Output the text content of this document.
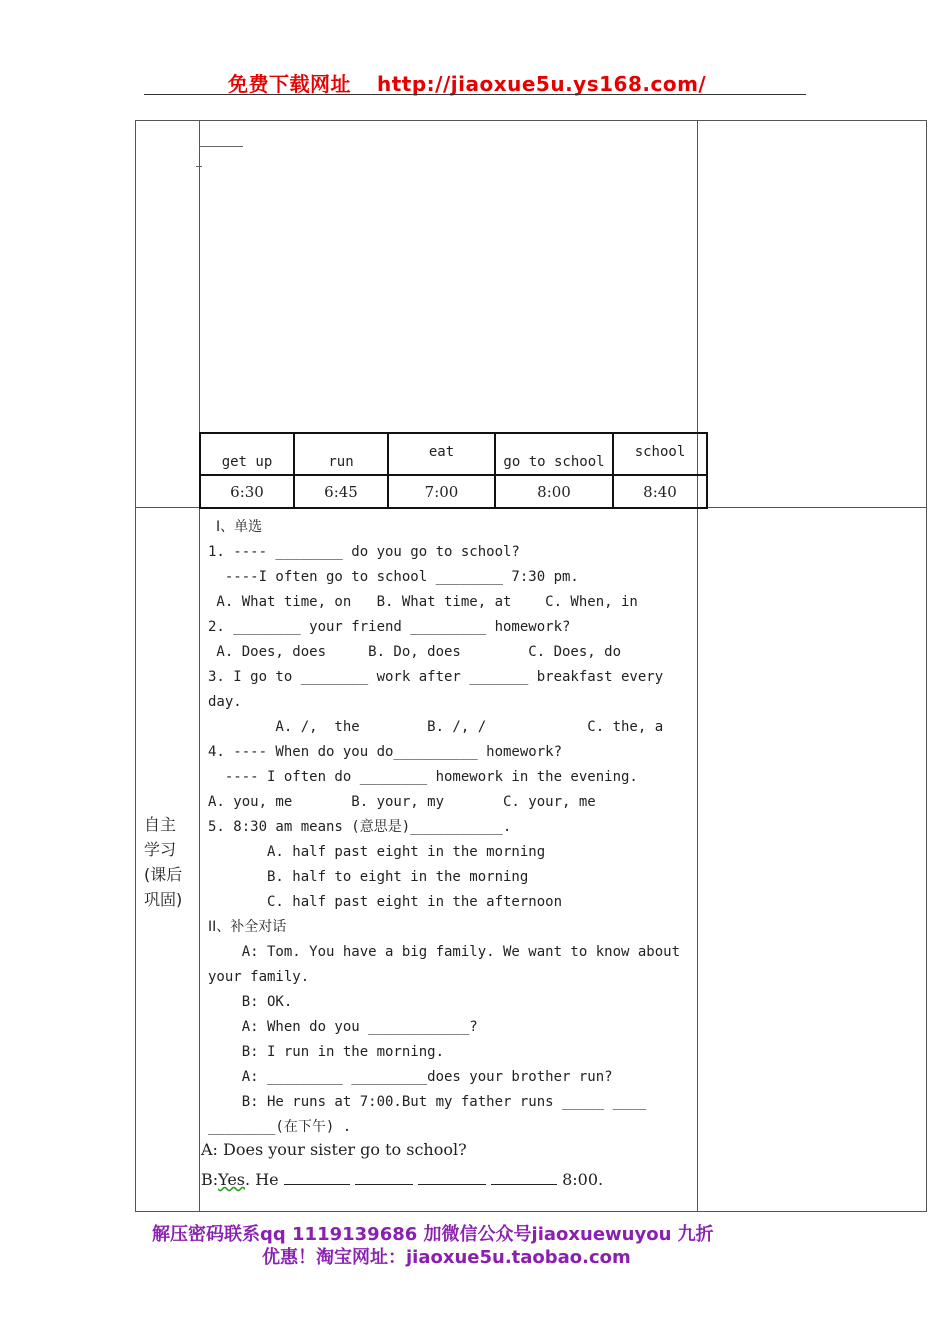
免费下载网址 http://jiaoxue5u.ys168.com/
get up	run	eat	go to school	school
6:30	6:45	7:00	8:00	8:40
自主
学习
(课后
巩固)
I、单选
1. ---- ________ do you go to school?
----I often go to school ________ 7:30 pm.
A. What time, on   B. What time, at    C. When, in
2. ________ your friend _________ homework?
A. Does, does     B. Do, does        C. Does, do
3. I go to ________ work after _______ breakfast every
day.
A. /,  the        B. /, /            C. the, a
4. ---- When do you do__________ homework?
---- I often do ________ homework in the evening.
A. you, me       B. your, my       C. your, me
5. 8:30 am means (意思是)___________.
A. half past eight in the morning
B. half to eight in the morning
C. half past eight in the afternoon
II、补全对话
A: Tom. You have a big family. We want to know about
your family.
B: OK.
A: When do you ____________?
B: I run in the morning.
A: _________ _________does your brother run?
B: He runs at 7:00.But my father runs _____ ____
________(在下午) .
A: Does your sister go to school?
B:Yes. He	8:00.
解压密码联系qq 1119139686 加微信公众号jiaoxuewuyou 九折
优惠！淘宝网址：jiaoxue5u.taobao.com
